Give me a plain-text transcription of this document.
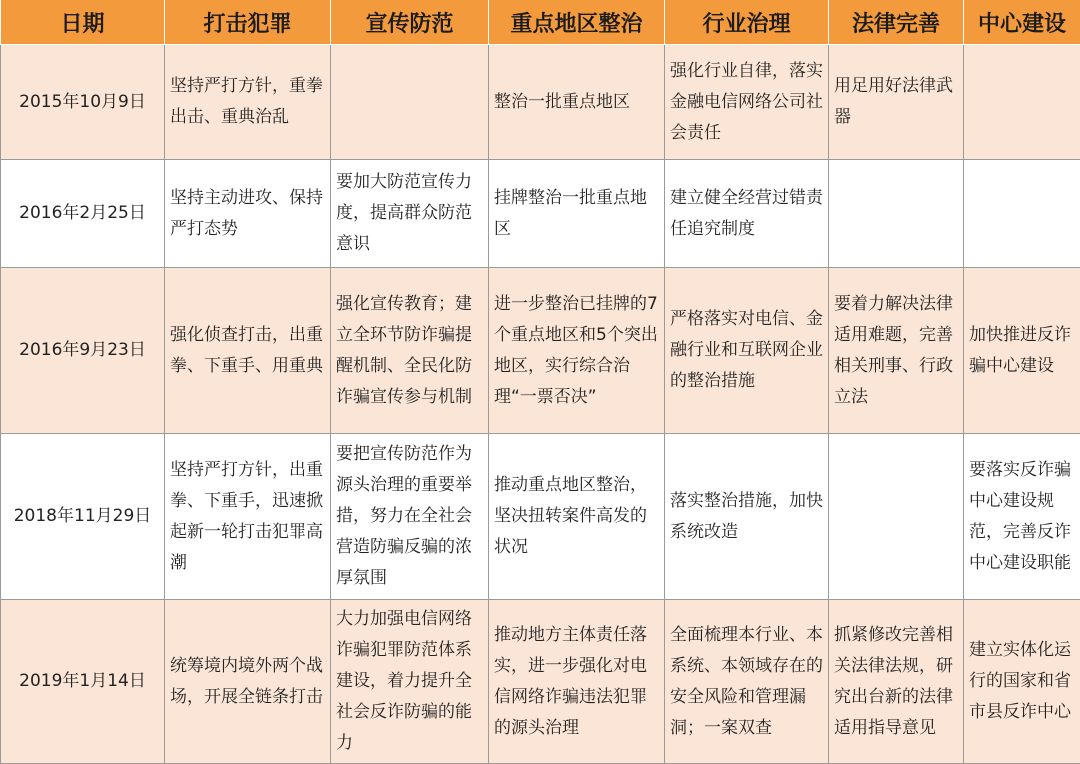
日期	打击犯罪	宣传防范	重点地区整治	行业治理	法律完善	中心建设
2015年10月9日	坚持严打方针，重拳出击、重典治乱		整治一批重点地区	强化行业自律，落实金融电信网络公司社会责任	用足用好法律武器	
2016年2月25日	坚持主动进攻、保持严打态势	要加大防范宣传力度，提高群众防范意识	挂牌整治一批重点地区	建立健全经营过错责任追究制度		
2016年9月23日	强化侦查打击，出重拳、下重手、用重典	强化宣传教育；建立全环节防诈骗提醒机制、全民化防诈骗宣传参与机制	进一步整治已挂牌的7个重点地区和5个突出地区，实行综合治理“一票否决”	严格落实对电信、金融行业和互联网企业的整治措施	要着力解决法律适用难题，完善相关刑事、行政立法	加快推进反诈骗中心建设
2018年11月29日	坚持严打方针，出重拳、下重手，迅速掀起新一轮打击犯罪高潮	要把宣传防范作为源头治理的重要举措，努力在全社会营造防骗反骗的浓厚氛围	推动重点地区整治，坚决扭转案件高发的状况	落实整治措施，加快系统改造		要落实反诈骗中心建设规范，完善反诈中心建设职能
2019年1月14日	统筹境内境外两个战场，开展全链条打击	大力加强电信网络诈骗犯罪防范体系建设，着力提升全社会反诈防骗的能力	推动地方主体责任落实，进一步强化对电信网络诈骗违法犯罪的源头治理	全面梳理本行业、本系统、本领域存在的安全风险和管理漏洞；一案双查	抓紧修改完善相关法律法规，研究出台新的法律适用指导意见	建立实体化运行的国家和省市县反诈中心
